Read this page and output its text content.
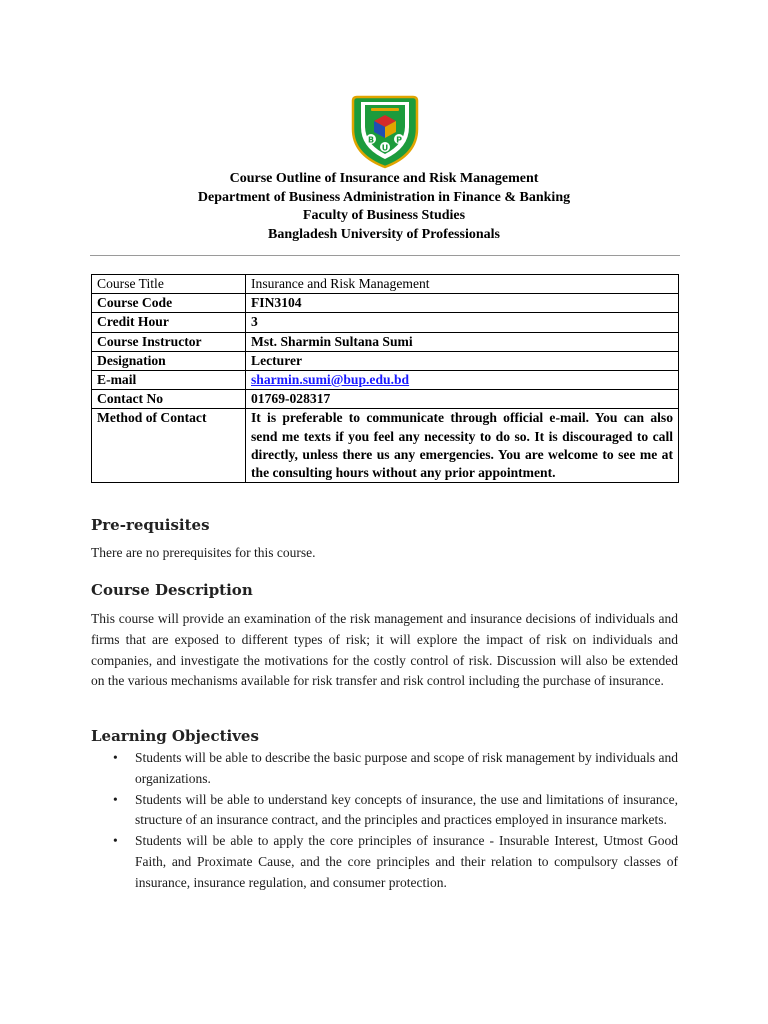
B
U
P
Course Outline of Insurance and Risk Management
Department of Business Administration in Finance & Banking
Faculty of Business Studies
Bangladesh University of Professionals
Course Title	Insurance and Risk Management
Course Code	FIN3104
Credit Hour	3
Course Instructor	Mst. Sharmin Sultana Sumi
Designation	Lecturer
E-mail	sharmin.sumi@bup.edu.bd
Contact No	01769-028317
Method of Contact	It is preferable to communicate through official e-mail. You can also send me texts if you feel any necessity to do so. It is discouraged to call directly, unless there us any emergencies. You are welcome to see me at the consulting hours without any prior appointment.
Pre-requisites

There are no prerequisites for this course.

Course Description

This course will provide an examination of the risk management and insurance decisions of individuals and firms that are exposed to different types of risk; it will explore the impact of risk on individuals and companies, and investigate the motivations for the costly control of risk. Discussion will also be extended on the various mechanisms available for risk transfer and risk control including the purchase of insurance.

Learning Objectives
• Students will be able to describe the basic purpose and scope of risk management by individuals and organizations.
• Students will be able to understand key concepts of insurance, the use and limitations of insurance, structure of an insurance contract, and the principles and practices employed in insurance markets.
• Students will be able to apply the core principles of insurance - Insurable Interest, Utmost Good Faith, and Proximate Cause, and the core principles and their relation to compulsory classes of insurance, insurance regulation, and consumer protection.
